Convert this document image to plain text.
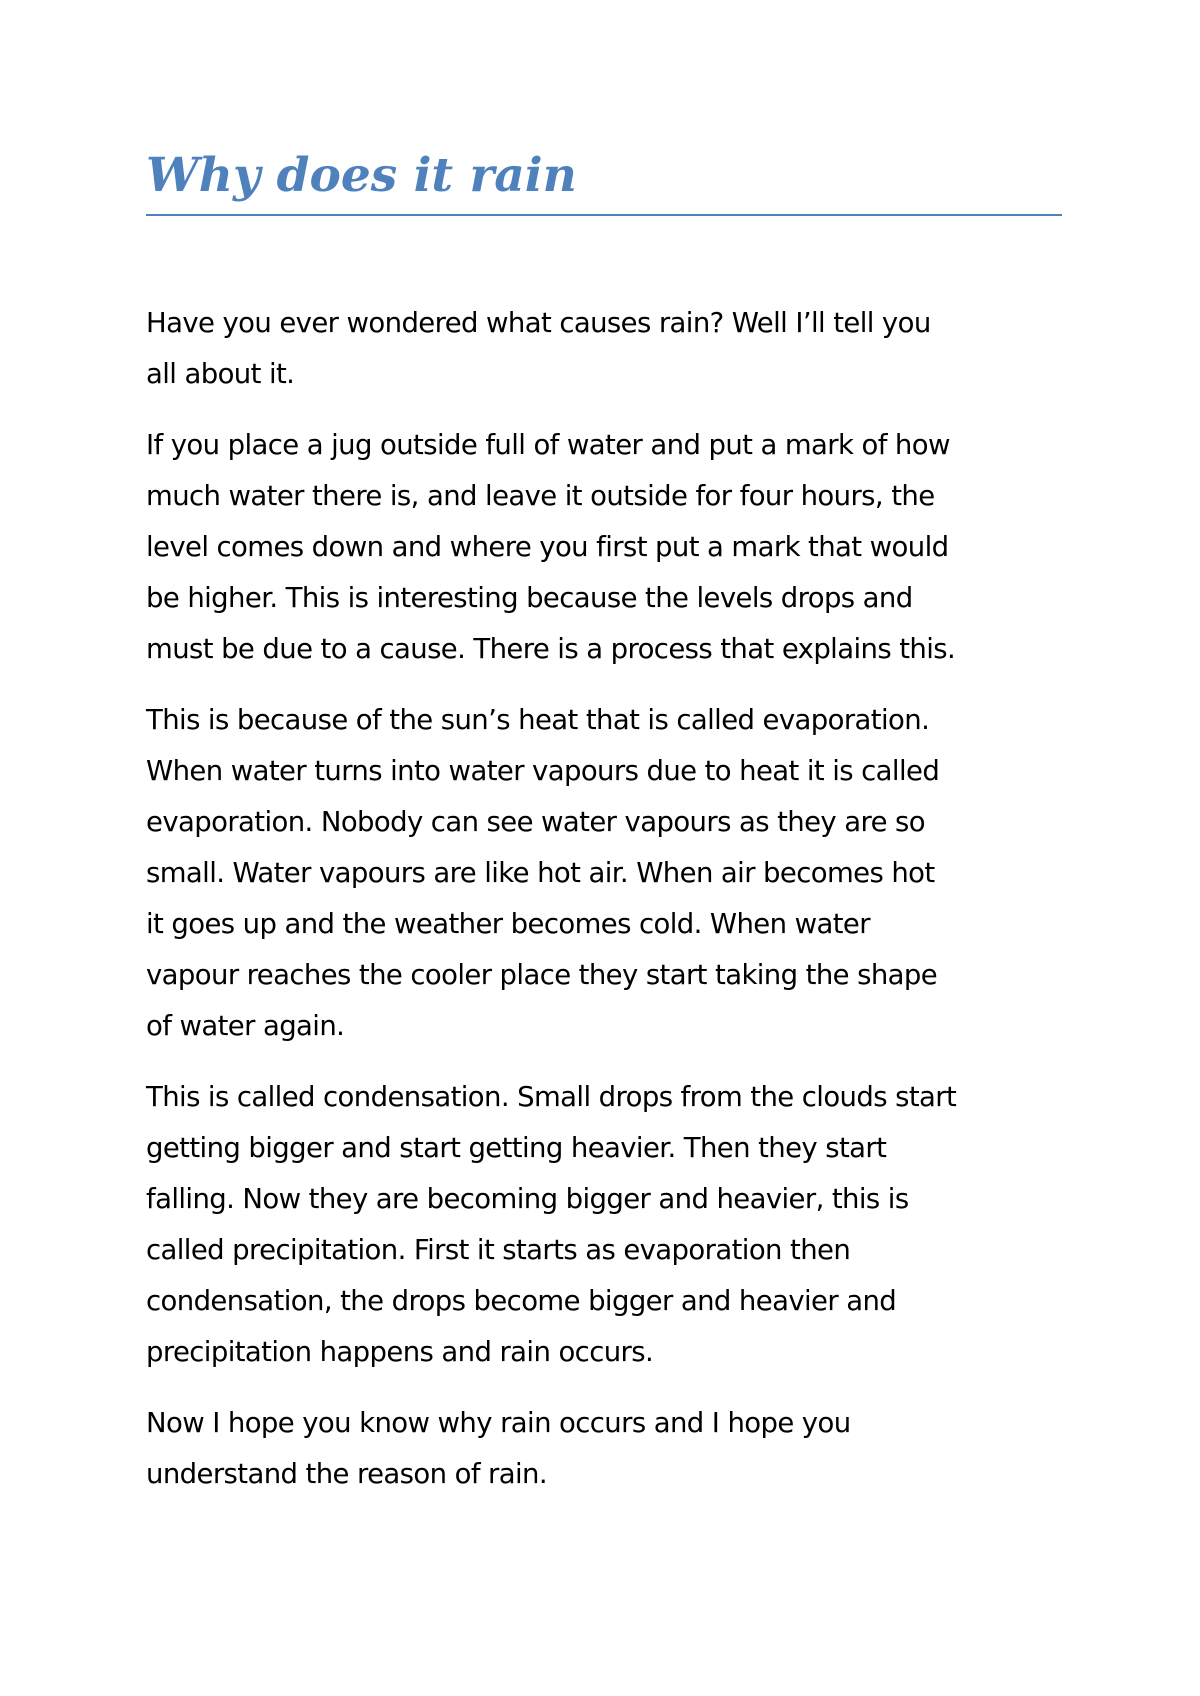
Why does it rain

Have you ever wondered what causes rain? Well I’ll tell you
all about it.

If you place a jug outside full of water and put a mark of how
much water there is, and leave it outside for four hours, the
level comes down and where you first put a mark that would
be higher. This is interesting because the levels drops and
must be due to a cause. There is a process that explains this.

This is because of the sun’s heat that is called evaporation.
When water turns into water vapours due to heat it is called
evaporation. Nobody can see water vapours as they are so
small. Water vapours are like hot air. When air becomes hot
it goes up and the weather becomes cold. When water
vapour reaches the cooler place they start taking the shape
of water again.

This is called condensation. Small drops from the clouds start
getting bigger and start getting heavier. Then they start
falling. Now they are becoming bigger and heavier, this is
called precipitation. First it starts as evaporation then
condensation, the drops become bigger and heavier and
precipitation happens and rain occurs.

Now I hope you know why rain occurs and I hope you
understand the reason of rain.
